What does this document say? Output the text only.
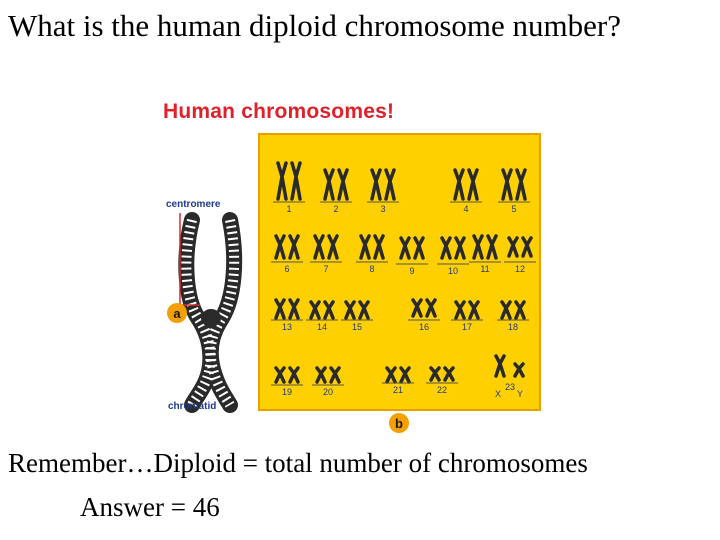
What is the human diploid chromosome number?
Human chromosomes!
centromere
chromatid
a
b
1	2	3	4	5
6	7	8	9	10 11	12
13	14	15	16	17	18
19	20	21	22	23
X Y
Remember…Diploid = total number of chromosomes
Answer = 46
